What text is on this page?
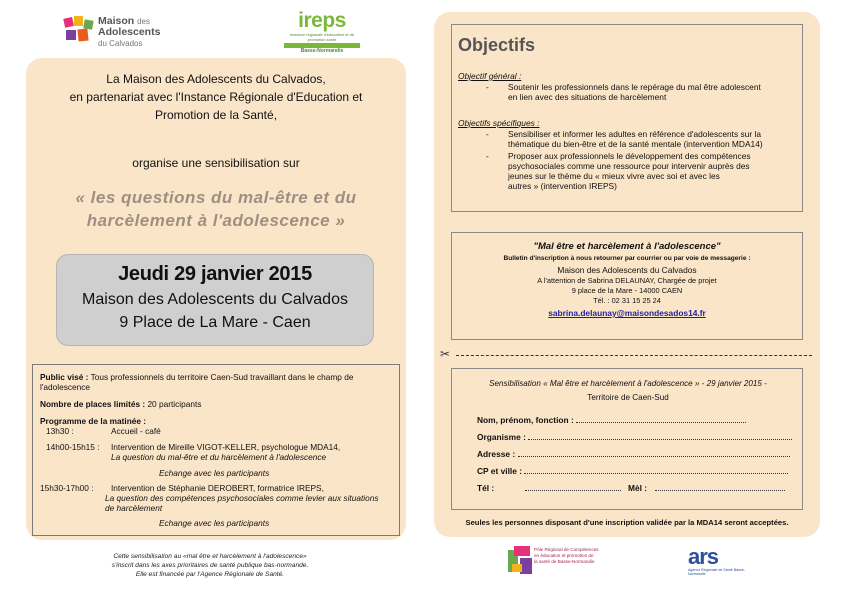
Maison des
Adolescents
du Calvados
ireps
Instance régionale d'éducation et de promotion santé
Basse-Normandie
La Maison des Adolescents du Calvados,
en partenariat avec l'Instance Régionale d'Education et
Promotion de la Santé,
organise une sensibilisation sur
« les questions du mal-être et du
harcèlement à l'adolescence »
Jeudi 29 janvier 2015
Maison des Adolescents du Calvados
9 Place de La Mare - Caen
Public visé : Tous professionnels du territoire Caen-Sud travaillant dans le champ de
l'adolescence
Nombre de places limités : 20 participants
Programme de la matinée :
13h30 :	Accueil - café
14h00-15h15 : Intervention de Mireille VIGOT-KELLER, psychologue MDA14,
La question du mal-être et du harcèlement à l'adolescence
Echange avec les participants
15h30-17h00 : Intervention de Stéphanie DEROBERT, formatrice IREPS,
La question des compétences psychosociales comme levier aux situations
de harcèlement
Echange avec les participants
Cette sensibilisation au «mal être et harcèlement à l'adolescence»
s'inscrit dans les axes prioritaires de santé publique bas-normande.
Elle est financée par l'Agence Régionale de Santé.
Objectifs
Objectif général :
- Soutenir les professionnels dans le repérage du mal être adolescent
en lien avec des situations de harcèlement
Objectifs spécifiques :
- Sensibiliser et informer les adultes en référence d'adolescents sur la
thématique du bien-être et de la santé mentale (intervention MDA14)
- Proposer aux professionnels le développement des compétences
psychosociales comme une ressource pour intervenir auprès des
jeunes sur le thème du « mieux vivre avec soi et avec les
autres » (intervention IREPS)
"Mal être et harcèlement à l'adolescence"
Bulletin d'inscription à nous retourner par courrier ou par voie de messagerie :
Maison des Adolescents du Calvados
A l'attention de Sabrina DELAUNAY, Chargée de projet
9 place de la Mare - 14000 CAEN
Tél. : 02 31 15 25 24
sabrina.delaunay@maisondesados14.fr
✂
Sensibilisation « Mal être et harcèlement à l'adolescence » - 29 janvier 2015 -
Territoire de Caen-Sud
Nom, prénom, fonction :
Organisme :
Adresse :
CP et ville :
Tél :	Mèl :
Seules les personnes disposant d'une inscription validée par la MDA14 seront acceptées.
Pôle Régional de Compétences
en éducation et promotion de
la santé de Basse-Normandie	ars
Agence Régionale de Santé Basse-Normandie
